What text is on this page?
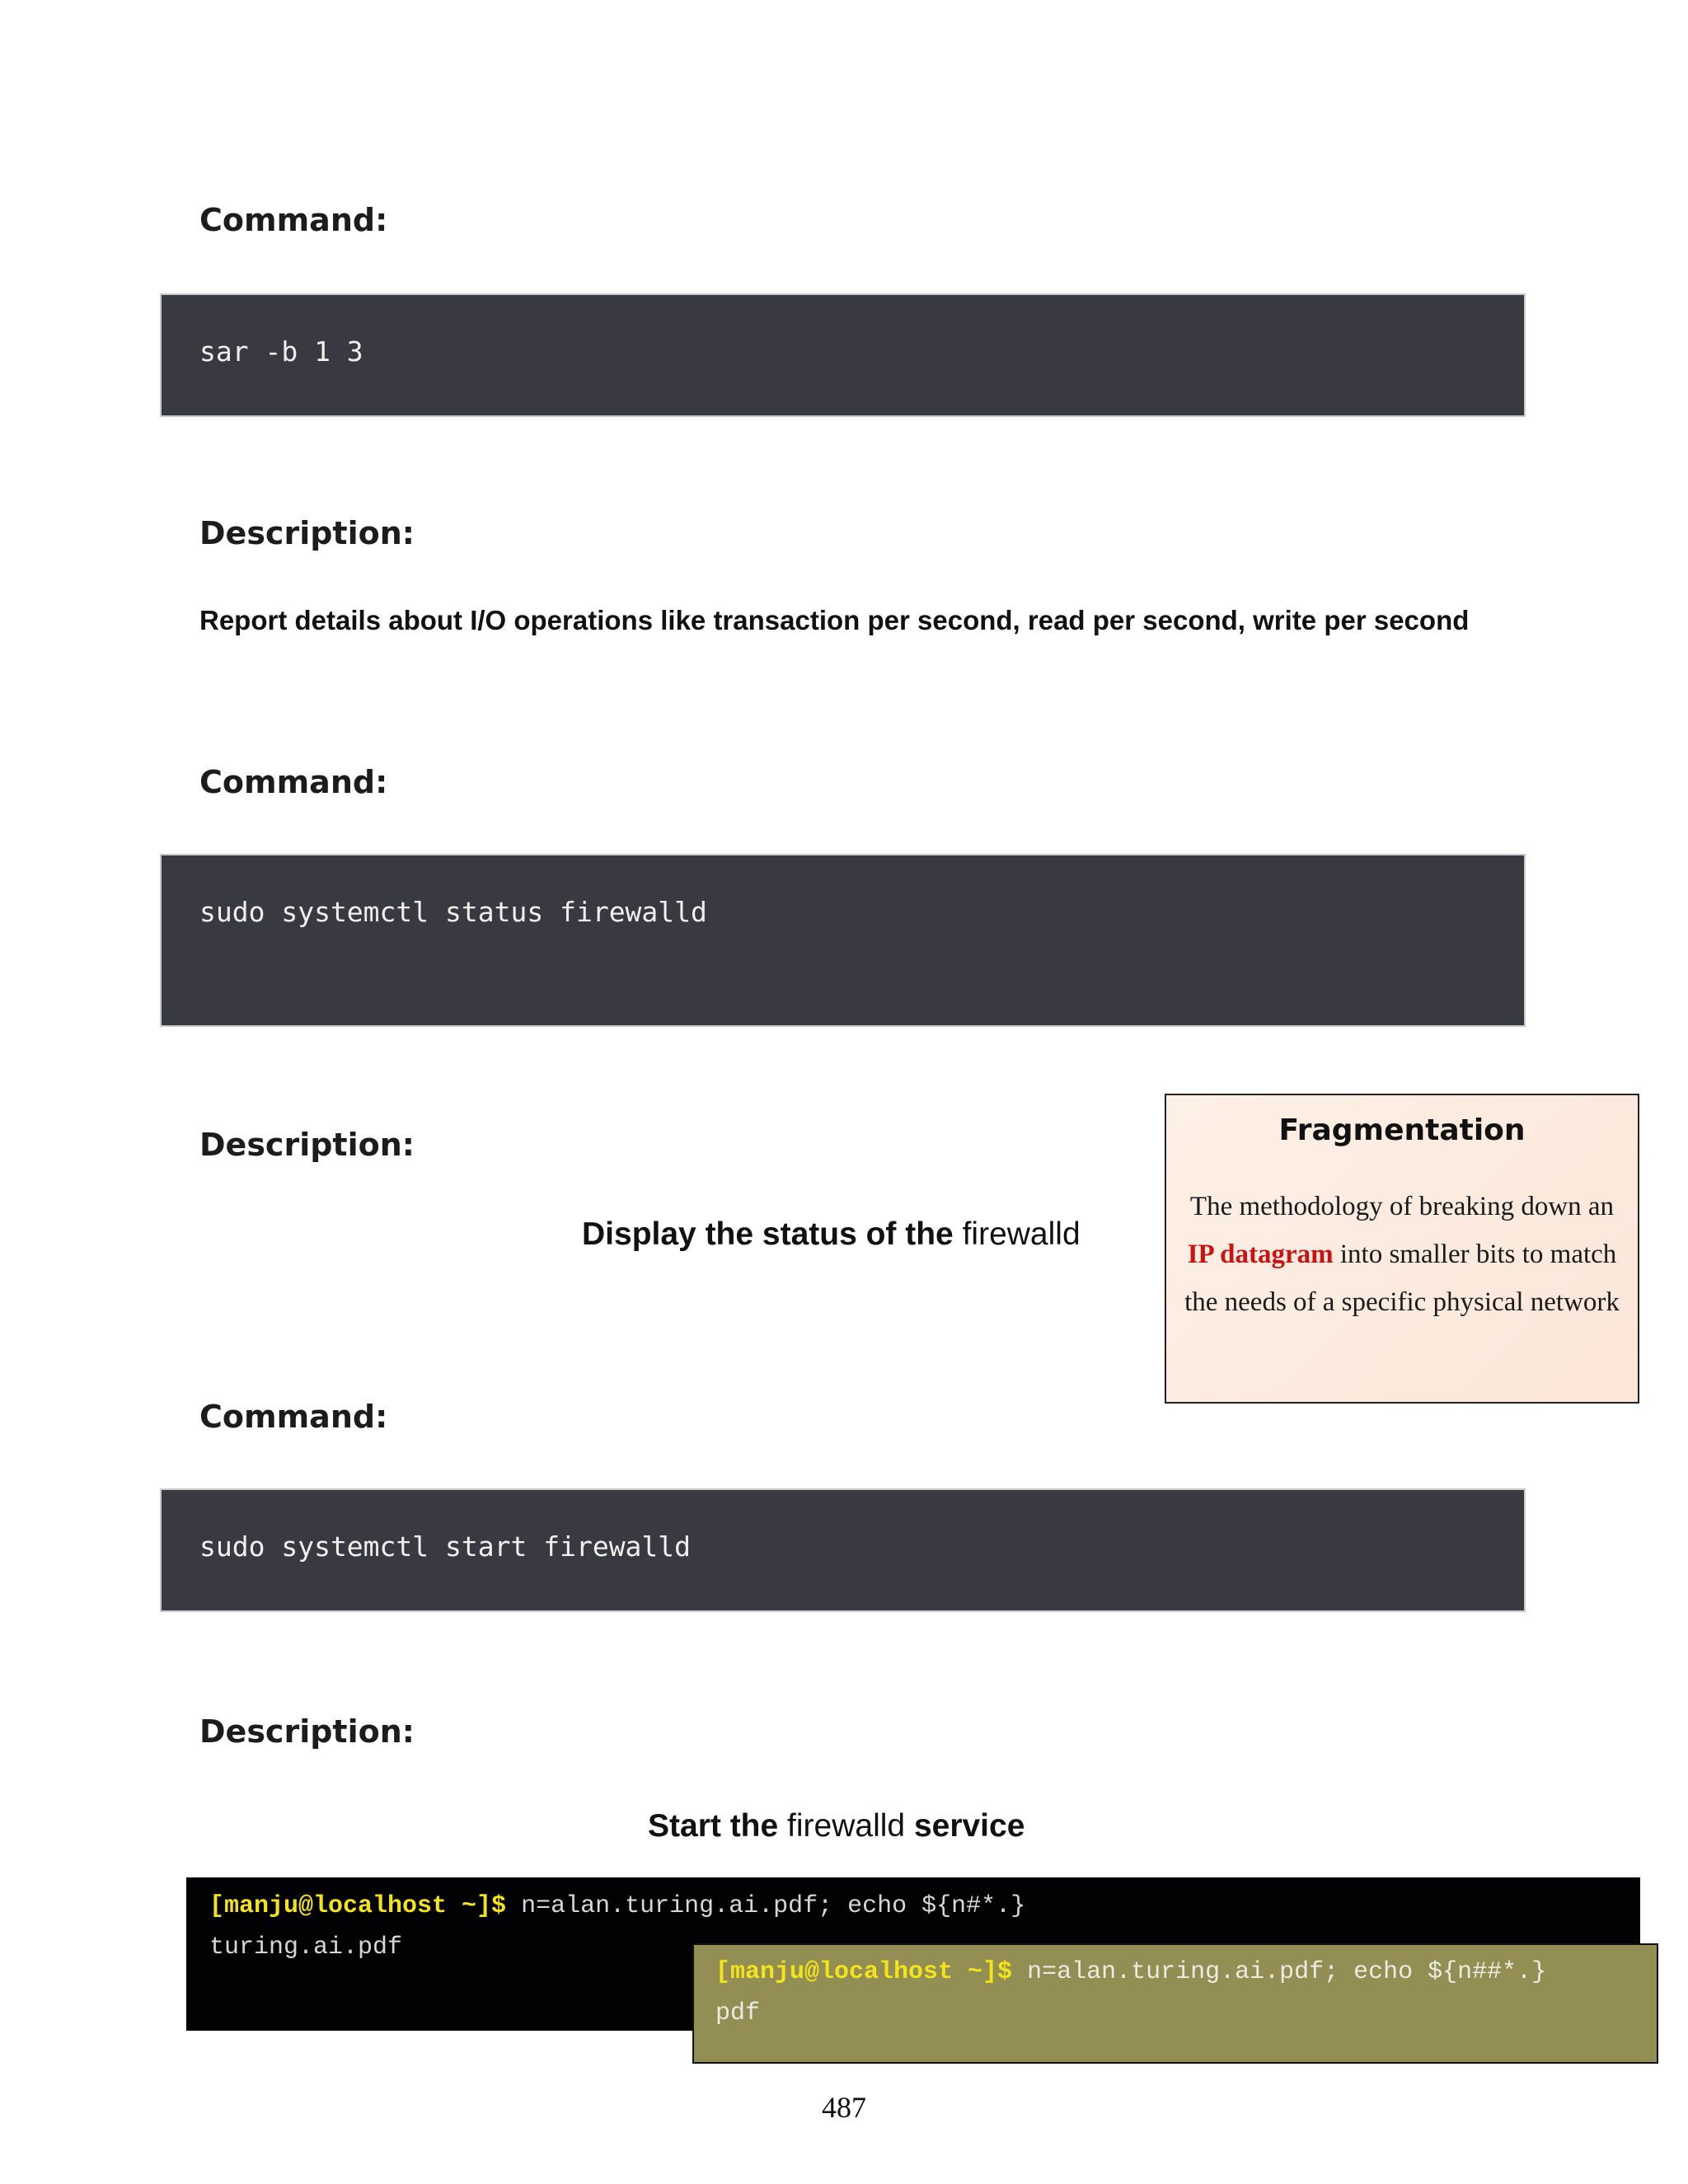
Command:
sar -b 1 3
Description:
Report details about I/O operations like transaction per second, read per second, write per second
Command:
sudo systemctl status firewalld
Description:
Display the status of the firewalld
Fragmentation
The methodology of breaking down an IP datagram into smaller bits to match the needs of a specific physical network
Command:
sudo systemctl start firewalld
Description:
Start the firewalld service

[manju@localhost ~]$ n=alan.turing.ai.pdf; echo ${n#*.}

turing.ai.pdf

[manju@localhost ~]$ n=alan.turing.ai.pdf; echo ${n##*.}

pdf

487
